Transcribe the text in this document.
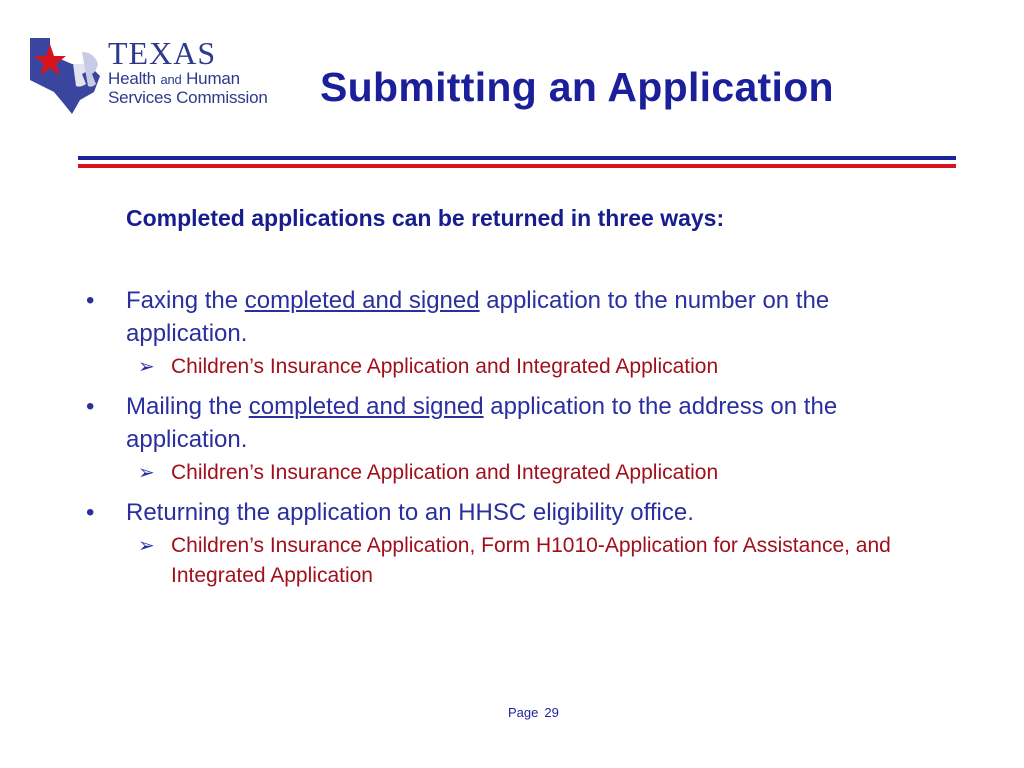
TEXAS
Health and Human
Services Commission Submitting an Application
Completed applications can be returned in three ways:
• Faxing the completed and signed application to the number on the application.
➢ Children’s Insurance Application and Integrated Application
• Mailing the completed and signed application to the address on the application.
➢ Children’s Insurance Application and Integrated Application
• Returning the application to an HHSC eligibility office.
➢ Children’s Insurance Application, Form H1010-Application for Assistance, and Integrated Application
Page 29
